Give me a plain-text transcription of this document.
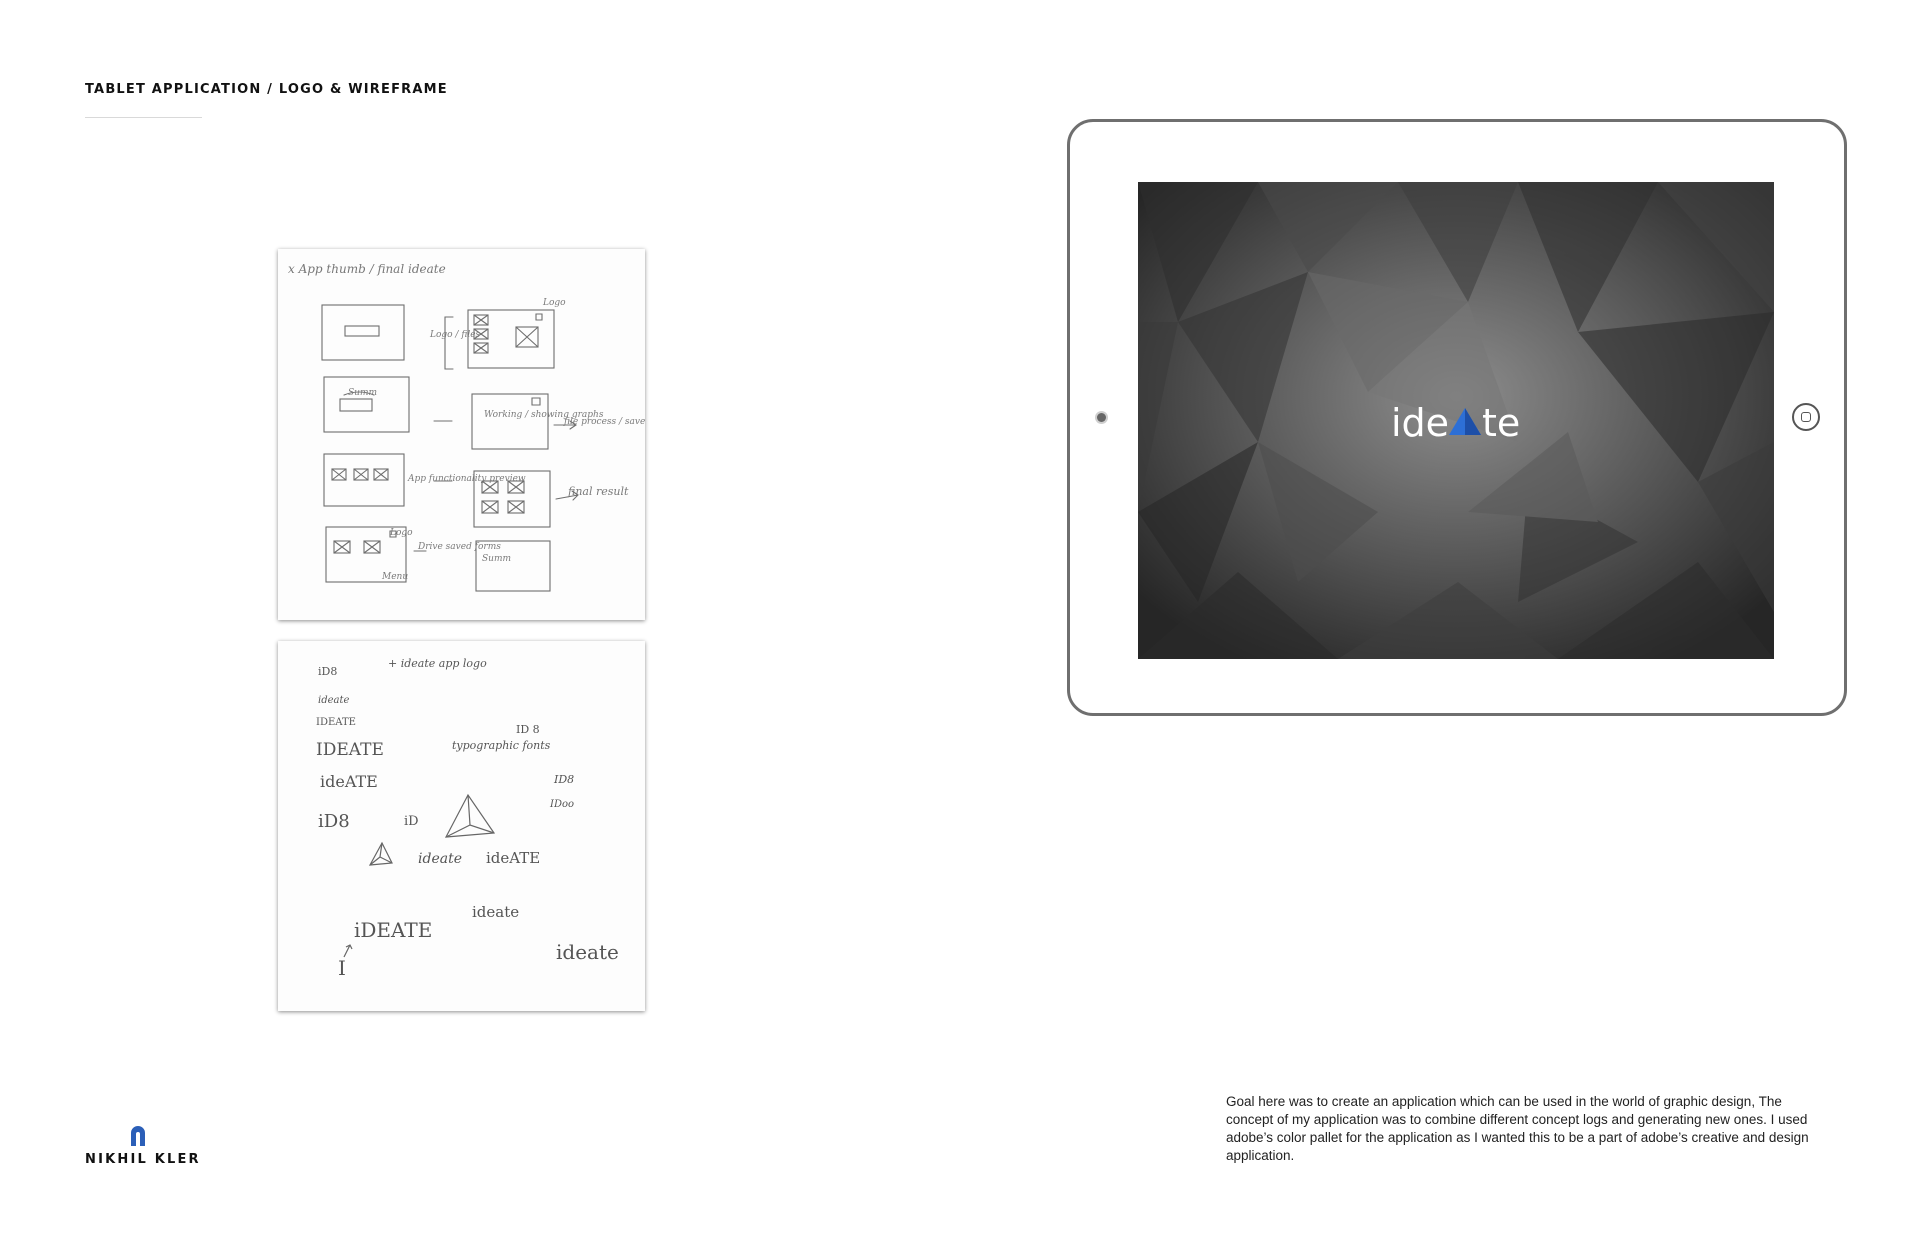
TABLET APPLICATION / LOGO & WIREFRAME
x App thumb / final ideate
Logo
Logo / files
Summ
Working / showing graphs
file process / save
App functionality preview
final result
Logo
Drive saved forms
Summ
Menu
+ ideate app logo
iD8
ideate
IDEATE
IDEATE
ideATE
iD8	iD
typographic fonts
ID 8
ID8
IDoo
ideate ideATE
ideate
iDEATE
I
ideate
ide te
NIKHIL KLER
Goal here was to create an application which can be used in the world of graphic design, The concept of my application was to combine different concept logs and generating new ones. I used adobe’s color pallet for the application as I wanted this to be a part of adobe’s creative and design application.
